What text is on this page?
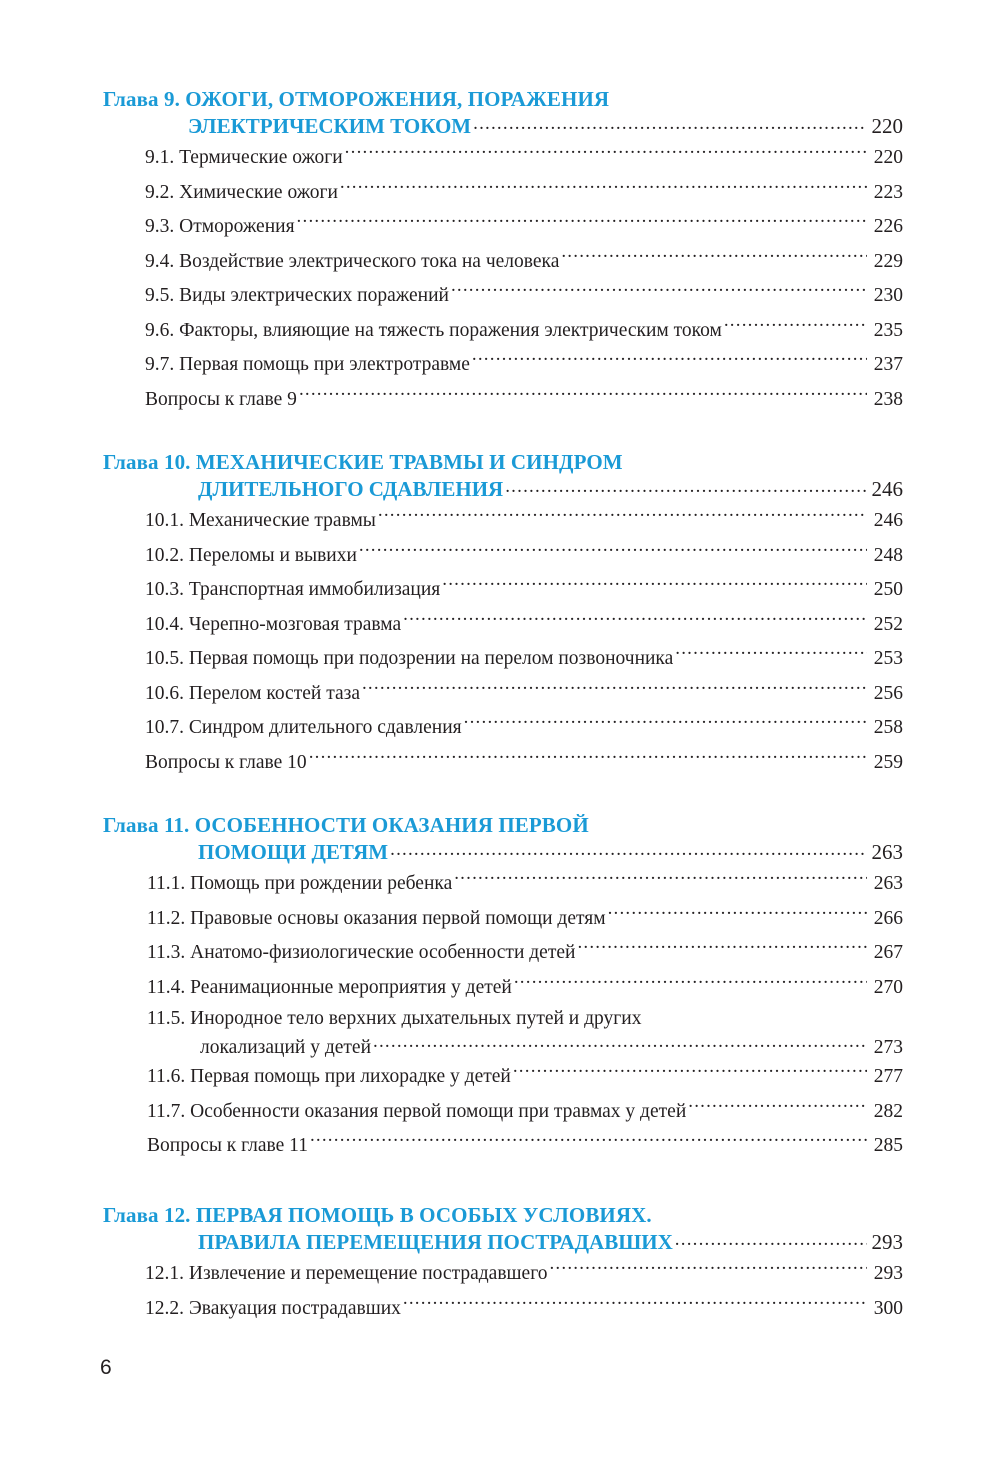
Глава 9. ОЖОГИ, ОТМОРОЖЕНИЯ, ПОРАЖЕНИЯ
ЭЛЕКТРИЧЕСКИМ ТОКОМ .....	220
9.1. Термические ожоги .....	220
9.2. Химические ожоги .....	223
9.3. Отморожения .....	226
9.4. Воздействие электрического тока на человека .....	229
9.5. Виды электрических поражений .....	230
9.6. Факторы, влияющие на тяжесть поражения электрическим током .....	235
9.7. Первая помощь при электротравме .....	237
Вопросы к главе 9 .....	238
Глава 10. МЕХАНИЧЕСКИЕ ТРАВМЫ И СИНДРОМ
ДЛИТЕЛЬНОГО СДАВЛЕНИЯ .....	246
10.1. Механические травмы .....	246
10.2. Переломы и вывихи .....	248
10.3. Транспортная иммобилизация .....	250
10.4. Черепно-мозговая травма .....	252
10.5. Первая помощь при подозрении на перелом позвоночника .....	253
10.6. Перелом костей таза .....	256
10.7. Синдром длительного сдавления .....	258
Вопросы к главе 10 .....	259
Глава 11. ОСОБЕННОСТИ ОКАЗАНИЯ ПЕРВОЙ
ПОМОЩИ ДЕТЯМ .....	263
11.1. Помощь при рождении ребенка .....	263
11.2. Правовые основы оказания первой помощи детям .....	266
11.3. Анатомо-физиологические особенности детей .....	267
11.4. Реанимационные мероприятия у детей .....	270
11.5. Инородное тело верхних дыхательных путей и других
локализаций у детей .....	273
11.6. Первая помощь при лихорадке у детей .....	277
11.7. Особенности оказания первой помощи при травмах у детей .....	282
Вопросы к главе 11 .....	285
Глава 12. ПЕРВАЯ ПОМОЩЬ В ОСОБЫХ УСЛОВИЯХ.
ПРАВИЛА ПЕРЕМЕЩЕНИЯ ПОСТРАДАВШИХ .....	293
12.1. Извлечение и перемещение пострадавшего .....	293
12.2. Эвакуация пострадавших .....	300
6
